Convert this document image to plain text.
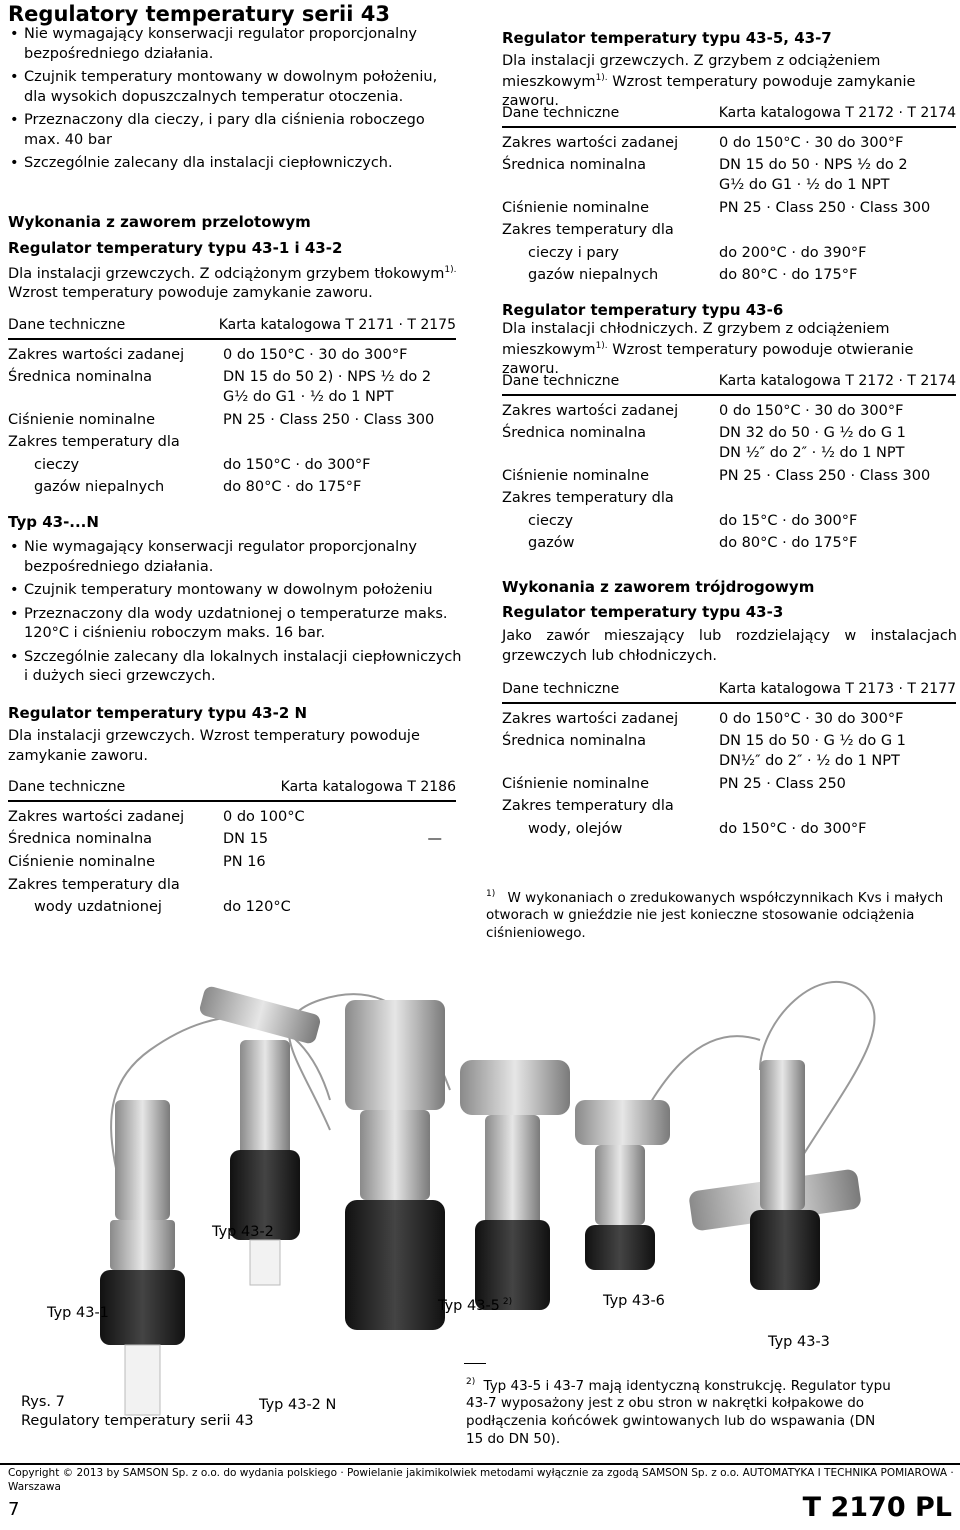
Regulatory temperatury serii 43
• Nie wymagający konserwacji regulator proporcjonalny bezpośredniego działania.
• Czujnik temperatury montowany w dowolnym położeniu, dla wysokich dopuszczalnych temperatur otoczenia.
• Przeznaczony dla cieczy, i pary dla ciśnienia roboczego max. 40 bar
• Szczególnie zalecany dla instalacji ciepłowniczych.
Wykonania z zaworem przelotowym
Regulator temperatury typu 43-1 i 43-2
Dla instalacji grzewczych. Z odciążonym grzybem tłokowym$^{1).}$
Wzrost temperatury powoduje zamykanie zaworu.
Dane techniczne	Karta katalogowa T 2171 · T 2175
Zakres wartości zadanej	0 do 150°C · 30 do 300°F
Średnica nominalna	DN 15 do 50 2) · NPS ½ do 2
G½ do G1 · ½ do 1 NPT
Ciśnienie nominalne	PN 25 · Class 250 · Class 300
Zakres temperatury dla
cieczy	do 150°C · do 300°F
gazów niepalnych	do 80°C · do 175°F
Typ 43-...N
• Nie wymagający konserwacji regulator proporcjonalny bezpośredniego działania.
• Czujnik temperatury montowany w dowolnym położeniu
• Przeznaczony dla wody uzdatnionej o temperaturze maks. 120°C i ciśnieniu roboczym maks. 16 bar.
• Szczególnie zalecany dla lokalnych instalacji ciepłowniczych i dużych sieci grzewczych.
Regulator temperatury typu 43-2 N
Dla instalacji grzewczych. Wzrost temperatury powoduje zamykanie zaworu.
Dane techniczne	Karta katalogowa T 2186
Zakres wartości zadanej	0 do 100°C
Średnica nominalna	DN 15	—
Ciśnienie nominalne	PN 16
Zakres temperatury dla
wody uzdatnionej	do 120°C
Regulator temperatury typu 43-5, 43-7
Dla instalacji grzewczych. Z grzybem z odciążeniem mieszkowym$^{1).}$ Wzrost temperatury powoduje zamykanie zaworu.
Dane techniczne	Karta katalogowa T 2172 · T 2174
Zakres wartości zadanej	0 do 150°C · 30 do 300°F
Średnica nominalna	DN 15 do 50 · NPS ½ do 2
G½ do G1 · ½ do 1 NPT
Ciśnienie nominalne	PN 25 · Class 250 · Class 300
Zakres temperatury dla
cieczy i pary	do 200°C · do 390°F
gazów niepalnych	do 80°C · do 175°F
Regulator temperatury typu 43-6
Dla instalacji chłodniczych. Z grzybem z odciążeniem mieszkowym$^{1).}$ Wzrost temperatury powoduje otwieranie zaworu.
Dane techniczne	Karta katalogowa T 2172 · T 2174
Zakres wartości zadanej	0 do 150°C · 30 do 300°F
Średnica nominalna	DN 32 do 50 · G ½ do G 1
DN ½″ do 2″ · ½ do 1 NPT
Ciśnienie nominalne	PN 25 · Class 250 · Class 300
Zakres temperatury dla
cieczy	do 15°C · do 300°F
gazów	do 80°C · do 175°F
Wykonania z zaworem trójdrogowym
Regulator temperatury typu 43-3
Jako zawór mieszający lub rozdzielający w instalacjach grzewczych lub chłodniczych.
Dane techniczne	Karta katalogowa T 2173 · T 2177
Zakres wartości zadanej	0 do 150°C · 30 do 300°F
Średnica nominalna	DN 15 do 50 · G ½ do G 1
DN½″ do 2″ · ½ do 1 NPT
Ciśnienie nominalne	PN 25 · Class 250
Zakres temperatury dla
wody, olejów	do 150°C · do 300°F
$^{1)}$ W wykonaniach o zredukowanych współczynnikach Kvs i małych otworach w gnieździe nie jest konieczne stosowanie odciążenia ciśnieniowego.
Typ 43-2
Typ 43-1	Typ 43-5 $^{2)}$	Typ 43-6
Typ 43-3
Typ 43-2 N
Rys. 7
Regulatory temperatury serii 43
$^{2)}$ Typ 43-5 i 43-7 mają identyczną konstrukcję. Regulator typu 43-7 wyposażony jest z obu stron w nakrętki kołpakowe do podłączenia końcówek gwintowanych lub do wspawania (DN 15 do DN 50).
Copyright © 2013 by SAMSON Sp. z o.o. do wydania polskiego · Powielanie jakimikolwiek metodami wyłącznie za zgodą SAMSON Sp. z o.o. AUTOMATYKA I TECHNIKA POMIAROWA · Warszawa
7	T 2170 PL
